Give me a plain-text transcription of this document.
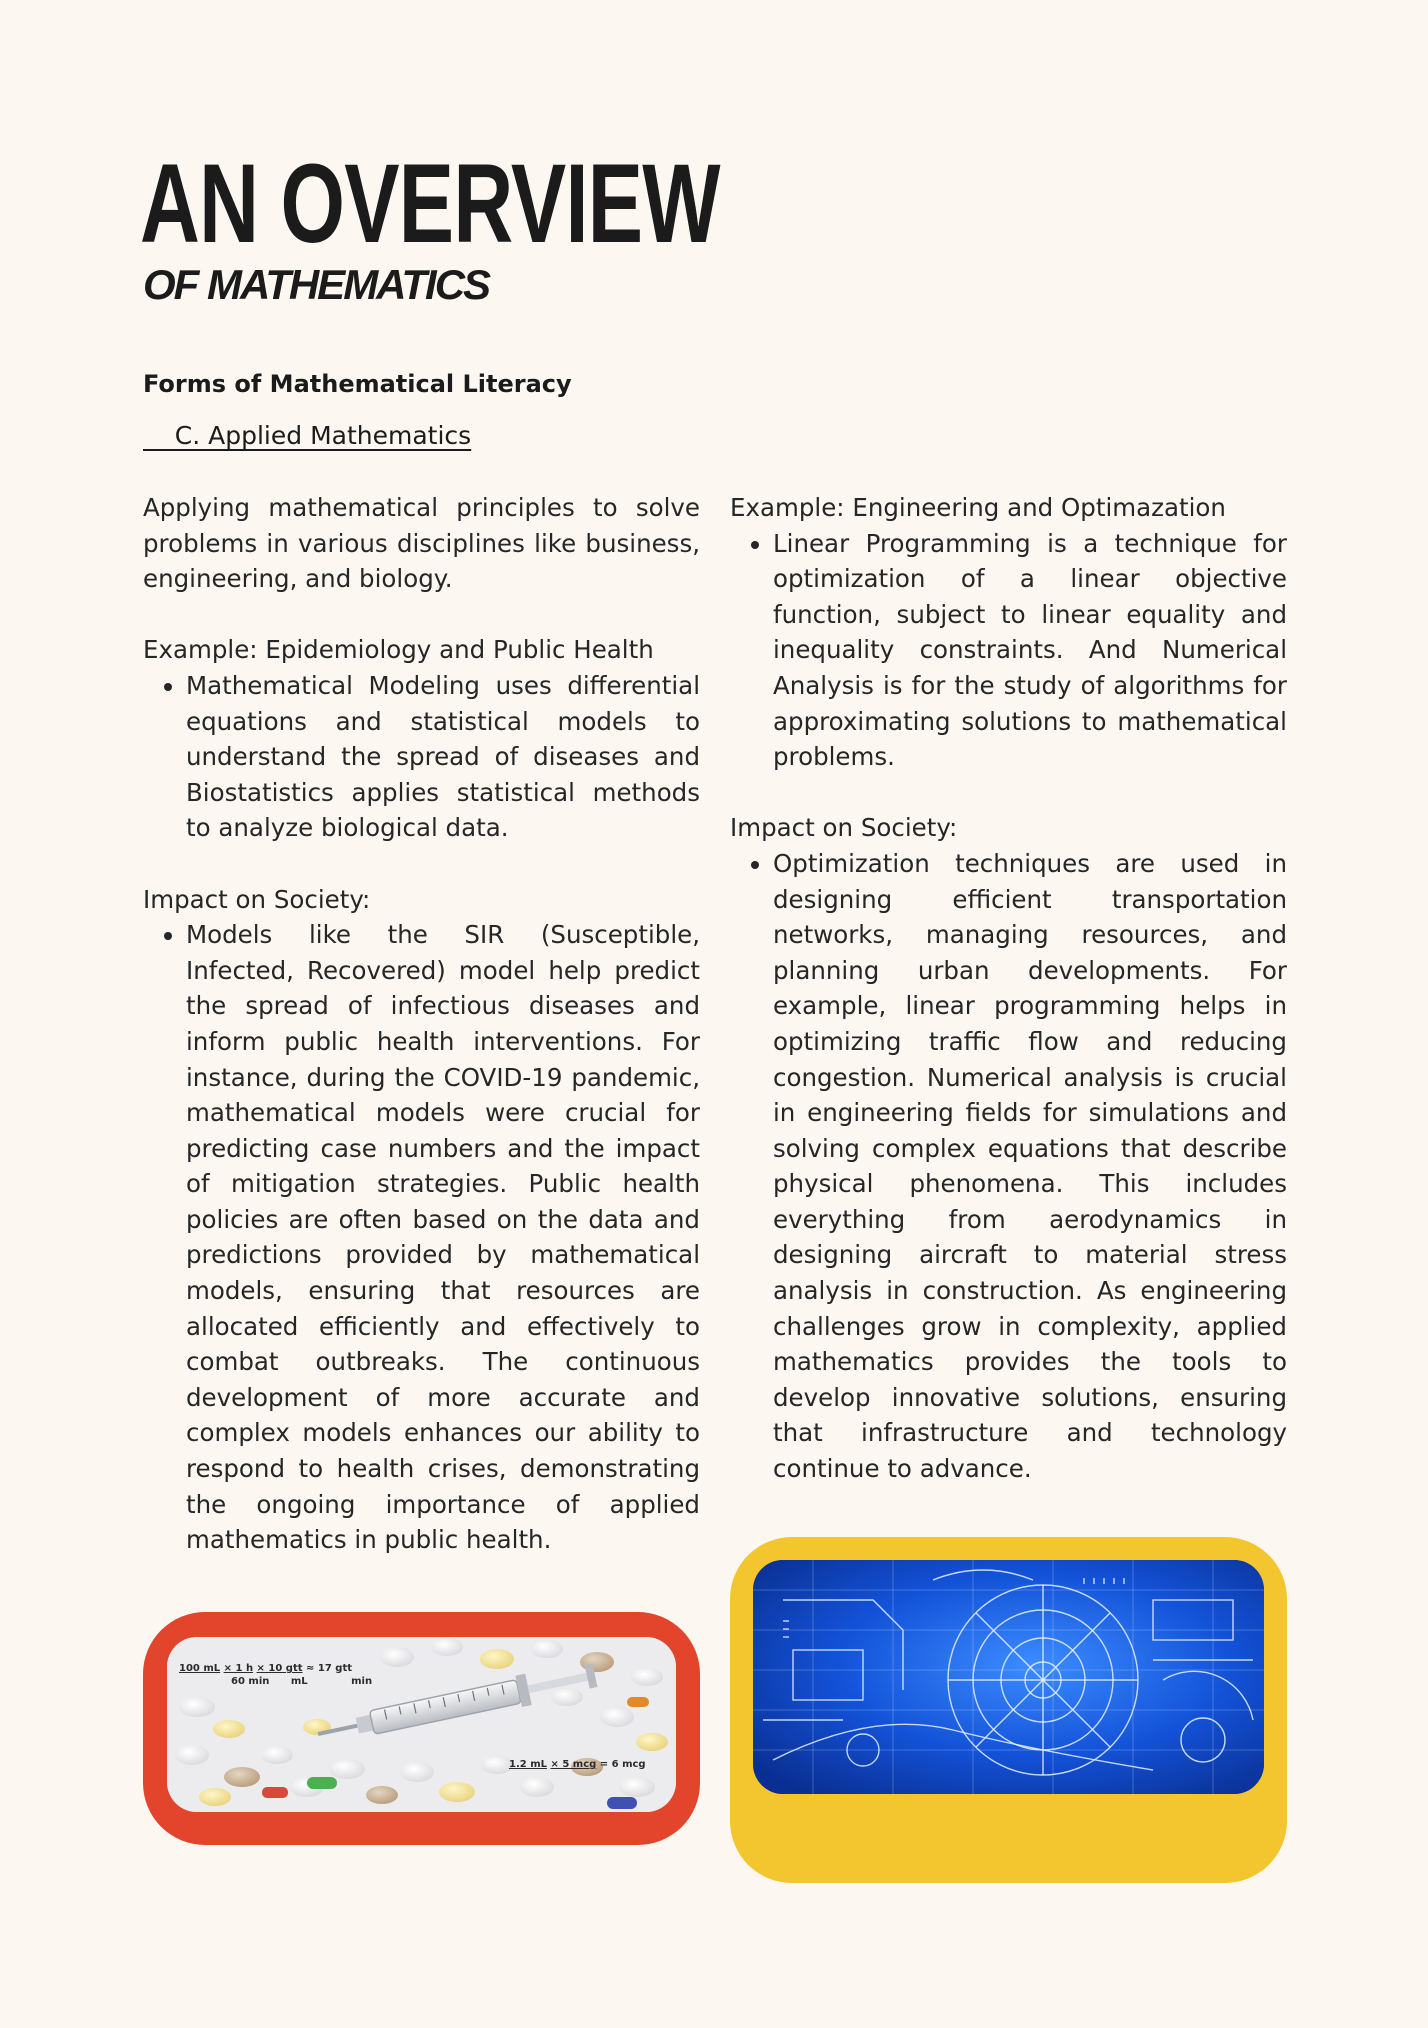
AN OVERVIEW
OF MATHEMATICS
Forms of Mathematical Literacy
C. Applied Mathematics

Applying mathematical principles to solve problems in various disciplines like business, engineering, and biology.

Example: Epidemiology and Public Health

• Mathematical Modeling uses differential equations and statistical models to understand the spread of diseases and Biostatistics applies statistical methods to analyze biological data.

Impact on Society:

• Models like the SIR (Susceptible, Infected, Recovered) model help predict the spread of infectious diseases and inform public health interventions. For instance, during the COVID-19 pandemic, mathematical models were crucial for predicting case numbers and the impact of mitigation strategies. Public health policies are often based on the data and predictions provided by mathematical models, ensuring that resources are allocated efficiently and effectively to combat outbreaks. The continuous development of more accurate and complex models enhances our ability to respond to health crises, demonstrating the ongoing importance of applied mathematics in public health.

Example: Engineering and Optimazation

• Linear Programming is a technique for optimization of a linear objective function, subject to linear equality and inequality constraints. And Numerical Analysis is for the study of algorithms for approximating solutions to mathematical problems.

Impact on Society:

• Optimization techniques are used in designing efficient transportation networks, managing resources, and planning urban developments. For example, linear programming helps in optimizing traffic flow and reducing congestion. Numerical analysis is crucial in engineering fields for simulations and solving complex equations that describe physical phenomena. This includes everything from aerodynamics in designing aircraft to material stress analysis in construction. As engineering challenges grow in complexity, applied mathematics provides the tools to develop innovative solutions, ensuring that infrastructure and technology continue to advance.
100 mL × 1 h × 10 gtt ≈ 17 gtt
60 min mL	min
1.2 mL × 5 mcg = 6 mcg
